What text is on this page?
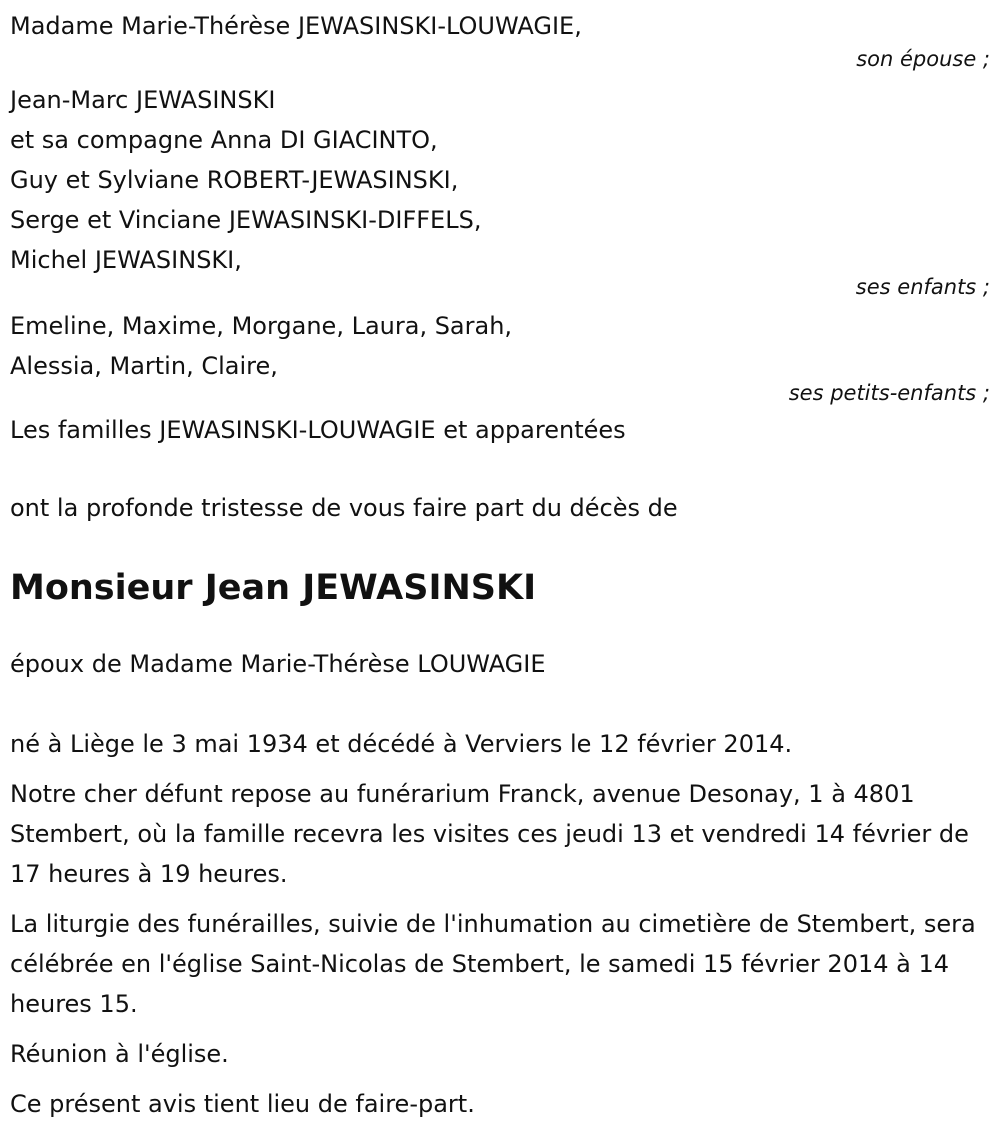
Madame Marie-Thérèse JEWASINSKI-LOUWAGIE,

son épouse ;

Jean-Marc JEWASINSKI

et sa compagne Anna DI GIACINTO,

Guy et Sylviane ROBERT-JEWASINSKI,

Serge et Vinciane JEWASINSKI-DIFFELS,

Michel JEWASINSKI,

ses enfants ;

Emeline, Maxime, Morgane, Laura, Sarah,

Alessia, Martin, Claire,

ses petits-enfants ;

Les familles JEWASINSKI-LOUWAGIE et apparentées

ont la profonde tristesse de vous faire part du décès de

Monsieur Jean JEWASINSKI

époux de Madame Marie-Thérèse LOUWAGIE

né à Liège le 3 mai 1934 et décédé à Verviers le 12 février 2014.

Notre cher défunt repose au funérarium Franck, avenue Desonay, 1 à 4801 Stembert, où la famille recevra les visites ces jeudi 13 et vendredi 14 février de 17 heures à 19 heures.

La liturgie des funérailles, suivie de l'inhumation au cimetière de Stembert, sera célébrée en l'église Saint-Nicolas de Stembert, le samedi 15 février 2014 à 14 heures 15.

Réunion à l'église.

Ce présent avis tient lieu de faire-part.
